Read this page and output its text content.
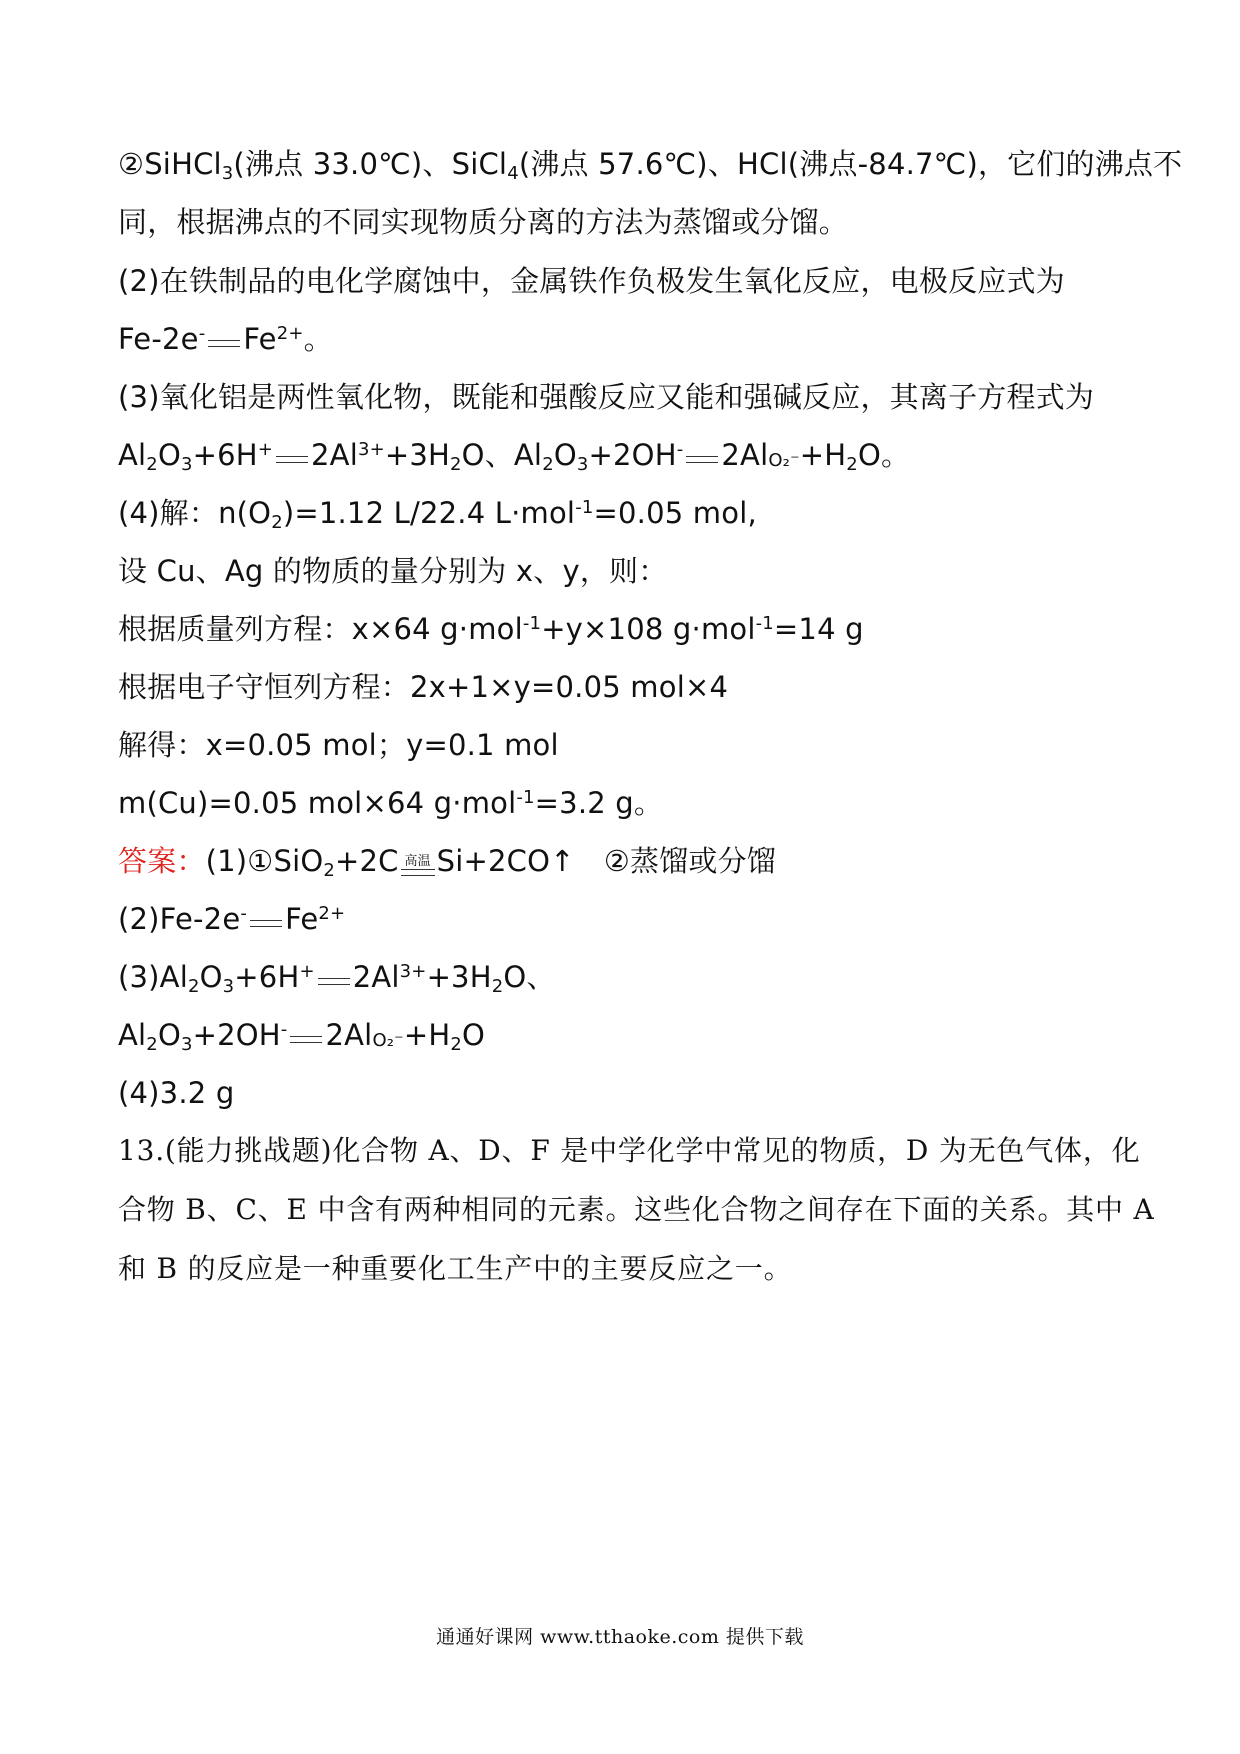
②SiHCl$_3$(沸点 33.0℃)、SiCl$_4$(沸点 57.6℃)、HCl(沸点-84.7℃)，它们的沸点不
同，根据沸点的不同实现物质分离的方法为蒸馏或分馏。
(2)在铁制品的电化学腐蚀中，金属铁作负极发生氧化反应，电极反应式为
Fe-2e- $Fe^{2+}$。
(3)氧化铝是两性氧化物，既能和强酸反应又能和强碱反应，其离子方程式为
$Al_2O_3+6H^+$ $2Al^{3+}+3H_2O$、$Al_2O_3+2OH^-$ $2AlO_2^-+H_2O$。
(4)解：$n(O_2)=1.12$ L/22.4 L·mol$^{-1}$=0.05 mol,
设 Cu、Ag 的物质的量分别为 x、y，则：
根据质量列方程：x×64 g·mol$^{-1}$+y×108 g·mol$^{-1}$=14 g
根据电子守恒列方程：2x+1×y=0.05 mol×4
解得：x=0.05 mol；y=0.1 mol
m(Cu)=0.05 mol×64 g·mol$^{-1}$=3.2 g。
答案：(1)①SiO$_2$+2C 高温 Si+2CO↑　②蒸馏或分馏
(2)Fe-2e- $Fe^{2+}$
$(3)Al_2O_3+6H^+$ $2Al^{3+}+3H_2O$、
$Al_2O_3+2OH^-$ $2AlO_2^-+H_2O$
(4)3.2 g
13.(能力挑战题)化合物 A、D、F 是中学化学中常见的物质，D 为无色气体，化
合物 B、C、E 中含有两种相同的元素。这些化合物之间存在下面的关系。其中 A
和 B 的反应是一种重要化工生产中的主要反应之一。
通通好课网 www.tthaoke.com 提供下载
